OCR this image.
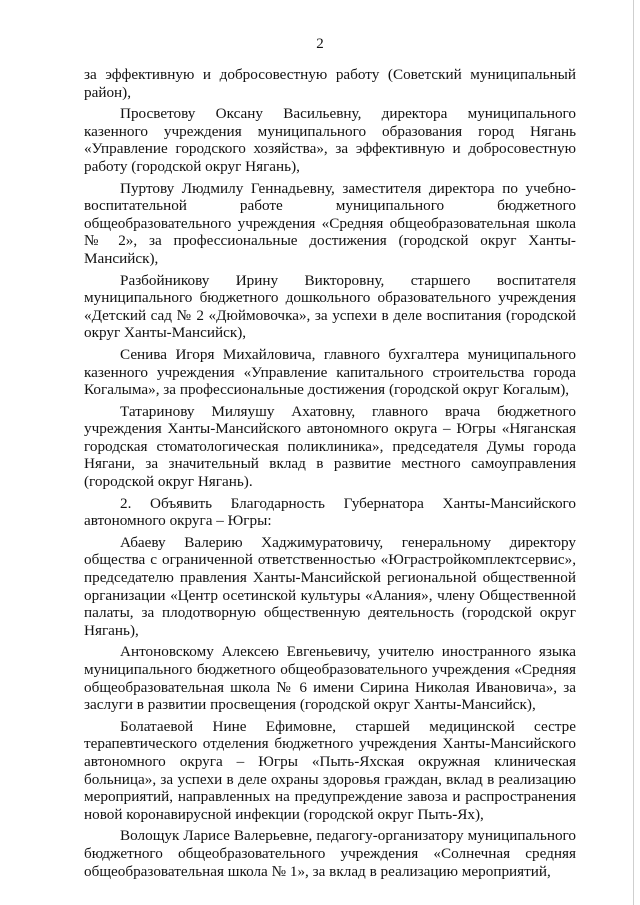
2

за эффективную и добросовестную работу (Советский муниципальный район),

Просветову Оксану Васильевну, директора муниципального казенного учреждения муниципального образования город Нягань «Управление городского хозяйства», за эффективную и добросовестную работу (городской округ Нягань),

Пуртову Людмилу Геннадьевну, заместителя директора по учебно-воспитательной работе муниципального бюджетного общеобразовательного учреждения «Средняя общеобразовательная школа № 2», за профессиональные достижения (городской округ Ханты-Мансийск),

Разбойникову Ирину Викторовну, старшего воспитателя муниципального бюджетного дошкольного образовательного учреждения «Детский сад № 2 «Дюймовочка», за успехи в деле воспитания (городской округ Ханты-Мансийск),

Сенива Игоря Михайловича, главного бухгалтера муниципального казенного учреждения «Управление капитального строительства города Когалыма», за профессиональные достижения (городской округ Когалым),

Татаринову Миляушу Ахатовну, главного врача бюджетного учреждения Ханты-Мансийского автономного округа – Югры «Няганская городская стоматологическая поликлиника», председателя Думы города Нягани, за значительный вклад в развитие местного самоуправления (городской округ Нягань).

2. Объявить Благодарность Губернатора Ханты-Мансийского автономного округа – Югры:

Абаеву Валерию Хаджимуратовичу, генеральному директору общества с ограниченной ответственностью «Юграстройкомплектсервис», председателю правления Ханты-Мансийской региональной общественной организации «Центр осетинской культуры «Алания», члену Общественной палаты, за плодотворную общественную деятельность (городской округ Нягань),

Антоновскому Алексею Евгеньевичу, учителю иностранного языка муниципального бюджетного общеобразовательного учреждения «Средняя общеобразовательная школа № 6 имени Сирина Николая Ивановича», за заслуги в развитии просвещения (городской округ Ханты-Мансийск),

Болатаевой Нине Ефимовне, старшей медицинской сестре терапевтического отделения бюджетного учреждения Ханты-Мансийского автономного округа – Югры «Пыть-Яхская окружная клиническая больница», за успехи в деле охраны здоровья граждан, вклад в реализацию мероприятий, направленных на предупреждение завоза и распространения новой коронавирусной инфекции (городской округ Пыть-Ях),

Волощук Ларисе Валерьевне, педагогу-организатору муниципального бюджетного общеобразовательного учреждения «Солнечная средняя общеобразовательная школа № 1», за вклад в реализацию мероприятий,
